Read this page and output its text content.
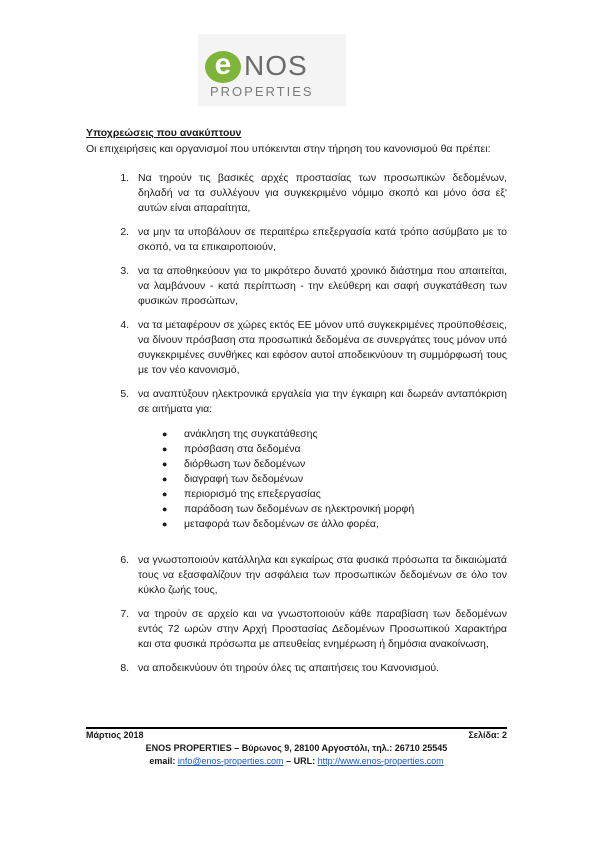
e NOS
PROPERTIES
Υποχρεώσεις που ανακύπτουν
Οι επιχειρήσεις και οργανισμοί που υπόκεινται στην τήρηση του κανονισμού θα πρέπει:
1. Να τηρούν τις βασικές αρχές προστασίας των προσωπικών δεδομένων, δηλαδή να τα συλλέγουν για συγκεκριμένο νόμιμο σκοπό και μόνο όσα εξ' αυτών είναι απαραίτητα,
2. να μην τα υποβάλουν σε περαιτέρω επεξεργασία κατά τρόπο ασύμβατο με το σκοπό, να τα επικαιροποιούν,
3. να τα αποθηκεύουν για το μικρότερο δυνατό χρονικό διάστημα που απαιτείται, να λαμβάνουν - κατά περίπτωση - την ελεύθερη και σαφή συγκατάθεση των φυσικών προσώπων,
4. να τα μεταφέρουν σε χώρες εκτός ΕΕ μόνον υπό συγκεκριμένες προϋποθέσεις, να δίνουν πρόσβαση στα προσωπικά δεδομένα σε συνεργάτες τους μόνον υπό συγκεκριμένες συνθήκες και εφόσον αυτοί αποδεικνύουν τη συμμόρφωσή τους με τον νέο κανονισμό,
5. να αναπτύξουν ηλεκτρονικά εργαλεία για την έγκαιρη και δωρεάν ανταπόκριση σε αιτήματα για:
● ανάκληση της συγκατάθεσης
● πρόσβαση στα δεδομένα
● διόρθωση των δεδομένων
● διαγραφή των δεδομένων
● περιορισμό της επεξεργασίας
● παράδοση των δεδομένων σε ηλεκτρονική μορφή
● μεταφορά των δεδομένων σε άλλο φορέα,
6. να γνωστοποιούν κατάλληλα και εγκαίρως στα φυσικά πρόσωπα τα δικαιώματά τους να εξασφαλίζουν την ασφάλεια των προσωπικών δεδομένων σε όλο τον κύκλο ζωής τους,
7. να τηρούν σε αρχείο και να γνωστοποιούν κάθε παραβίαση των δεδομένων εντός 72 ωρών στην Αρχή Προστασίας Δεδομένων Προσωπικού Χαρακτήρα και στα φυσικά πρόσωπα με απευθείας ενημέρωση ή δημόσια ανακοίνωση,
8. να αποδεικνύουν ότι τηρούν όλες τις απαιτήσεις του Κανονισμού.
Μάρτιος 2018	Σελίδα: 2
ENOS PROPERTIES – Βύρωνος 9, 28100 Αργοστόλι, τηλ.: 26710 25545
email: info@enos-properties.com – URL: http://www.enos-properties.com
